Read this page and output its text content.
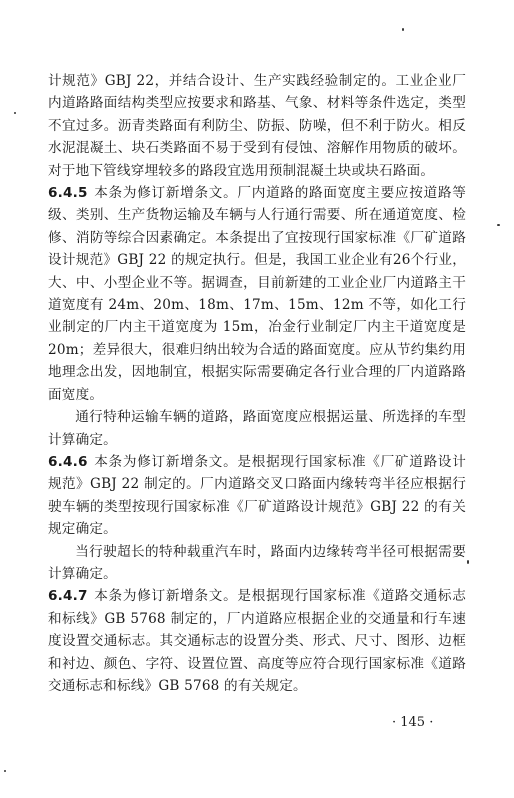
计规范》GBJ 22，并结合设计、生产实践经验制定的。工业企业厂内道路路面结构类型应按要求和路基、气象、材料等条件选定，类型不宜过多。沥青类路面有利防尘、防振、防噪，但不利于防火。相反水泥混凝土、块石类路面不易于受到有侵蚀、溶解作用物质的破坏。对于地下管线穿埋较多的路段宜选用预制混凝土块或块石路面。

6.4.5 本条为修订新增条文。厂内道路的路面宽度主要应按道路等级、类别、生产货物运输及车辆与人行通行需要、所在通道宽度、检修、消防等综合因素确定。本条提出了宜按现行国家标准《厂矿道路设计规范》GBJ 22 的规定执行。但是，我国工业企业有26个行业，大、中、小型企业不等。据调查，目前新建的工业企业厂内道路主干道宽度有 24m、20m、18m、17m、15m、12m 不等，如化工行业制定的厂内主干道宽度为 15m，冶金行业制定厂内主干道宽度是 20m；差异很大，很难归纳出较为合适的路面宽度。应从节约集约用地理念出发，因地制宜，根据实际需要确定各行业合理的厂内道路路面宽度。

通行特种运输车辆的道路，路面宽度应根据运量、所选择的车型计算确定。

6.4.6 本条为修订新增条文。是根据现行国家标准《厂矿道路设计规范》GBJ 22 制定的。厂内道路交叉口路面内缘转弯半径应根据行驶车辆的类型按现行国家标准《厂矿道路设计规范》GBJ 22 的有关规定确定。

当行驶超长的特种载重汽车时，路面内边缘转弯半径可根据需要计算确定。

6.4.7 本条为修订新增条文。是根据现行国家标准《道路交通标志和标线》GB 5768 制定的，厂内道路应根据企业的交通量和行车速度设置交通标志。其交通标志的设置分类、形式、尺寸、图形、边框和衬边、颜色、字符、设置位置、高度等应符合现行国家标准《道路交通标志和标线》GB 5768 的有关规定。

· 145 ·
